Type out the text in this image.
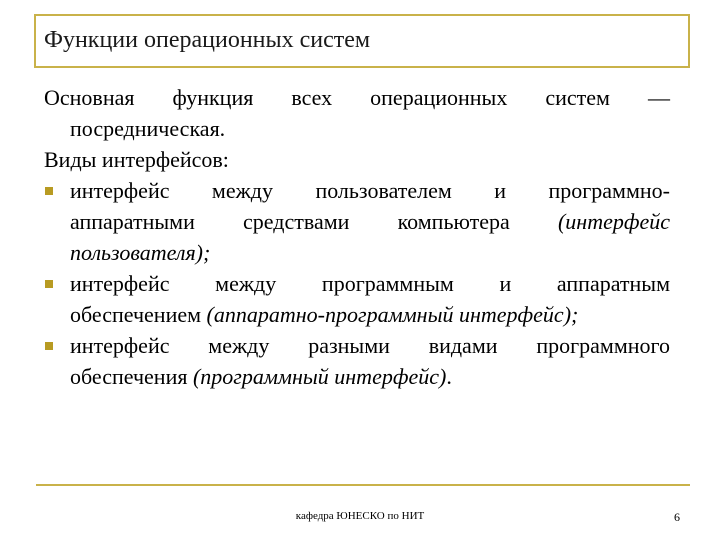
Функции операционных систем
Основная функция всех операционных систем —
посредническая.
Виды интерфейсов:
интерфейс между пользователем и программно-
аппаратными средствами компьютера (интерфейс
пользователя);
интерфейс между программным и аппаратным
обеспечением (аппаратно-программный интерфейс);
интерфейс между разными видами программного
обеспечения (программный интерфейс).
кафедра ЮНЕСКО по НИТ	6
